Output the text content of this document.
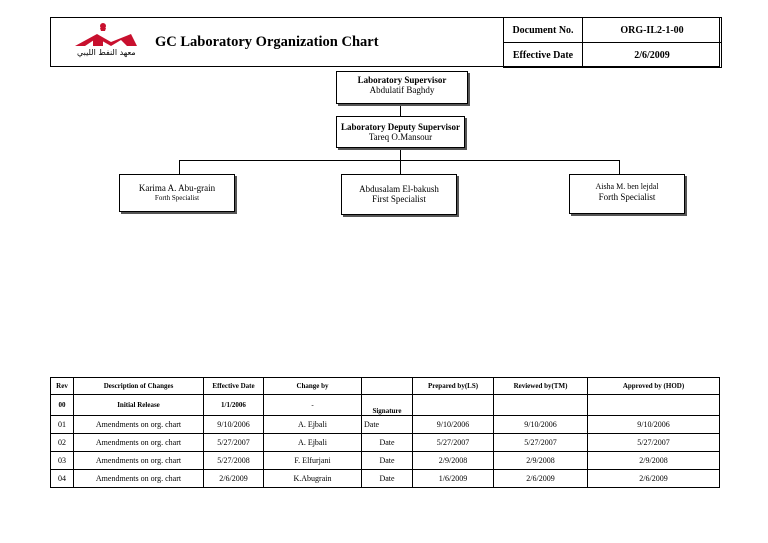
معهد النفط الليبي
GC Laboratory Organization Chart
Document No.	ORG-IL2-1-00
Effective Date	2/6/2009
Laboratory Supervisor
Abdulatif Baghdy
Laboratory Deputy Supervisor
Tareq O.Mansour
Karima A. Abu-grain
Forth Specialist
Abdusalam El-bakush
First Specialist
Aisha M. ben lejdal
Forth Specialist
Rev	Description of Changes	Effective Date	Change by		Prepared by(LS)	Reviewed by(TM)	Approved by (HOD)
00	Initial Release	1/1/2006	-	Signature			
01	Amendments on org. chart	9/10/2006	A. Ejbali	Date	9/10/2006	9/10/2006	9/10/2006
02	Amendments on org. chart	5/27/2007	A. Ejbali	Date	5/27/2007	5/27/2007	5/27/2007
03	Amendments on org. chart	5/27/2008	F. Elfurjani	Date	2/9/2008	2/9/2008	2/9/2008
04	Amendments on org. chart	2/6/2009	K.Abugrain	Date	1/6/2009	2/6/2009	2/6/2009
